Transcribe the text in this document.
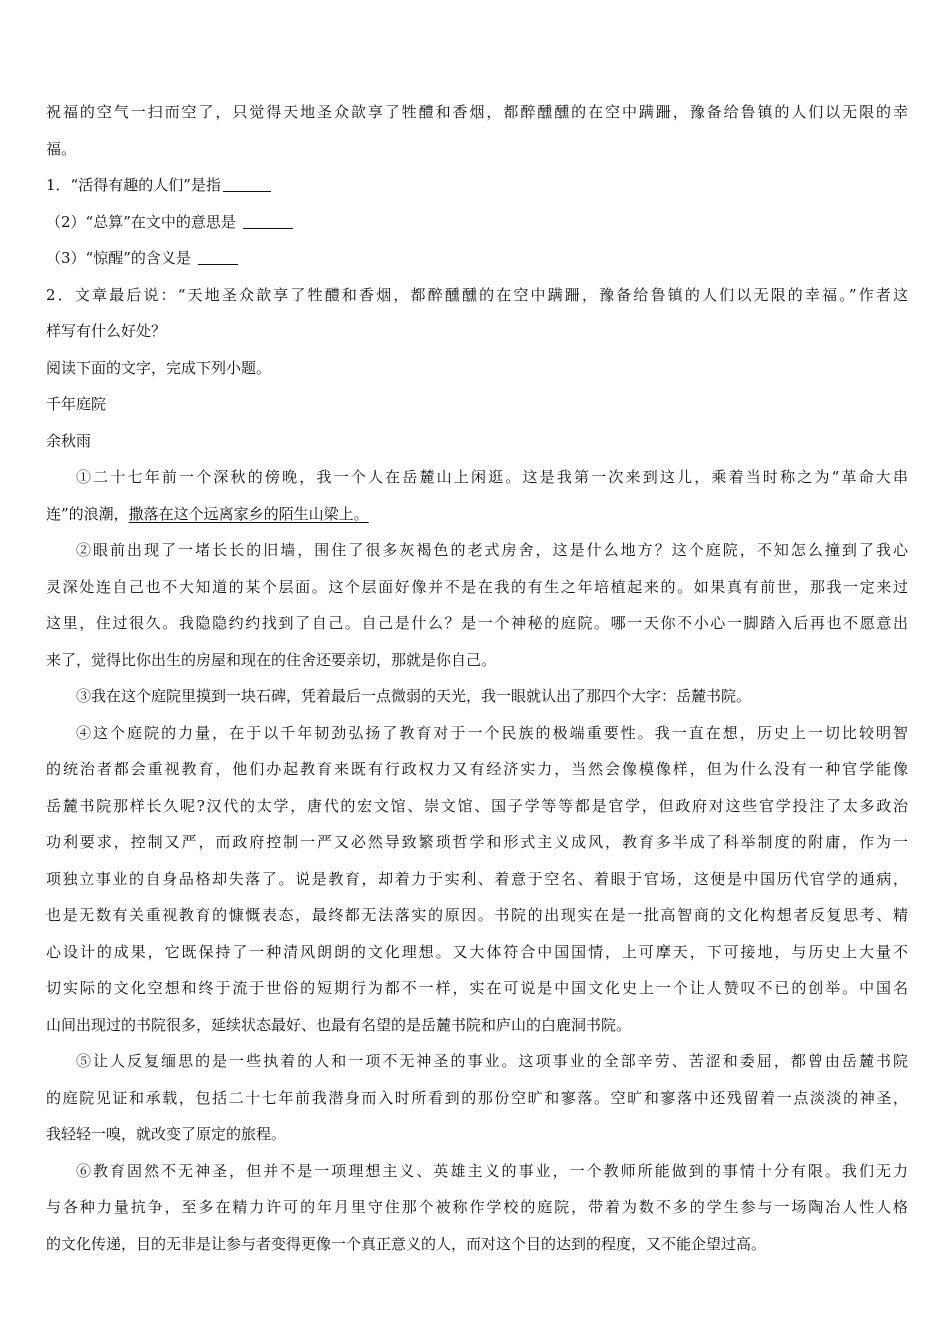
祝福的空气一扫而空了，只觉得天地圣众歆享了牲醴和香烟，都醉醺醺的在空中蹒跚，豫备给鲁镇的人们以无限的幸
福。
1．“活得有趣的人们”是指
（2）“总算”在文中的意思是
（3）“惊醒”的含义是
2．文章最后说：“天地圣众歆享了牲醴和香烟，都醉醺醺的在空中蹒跚，豫备给鲁镇的人们以无限的幸福。”作者这
样写有什么好处？
阅读下面的文字，完成下列小题。
千年庭院
余秋雨
①二十七年前一个深秋的傍晚，我一个人在岳麓山上闲逛。这是我第一次来到这儿，乘着当时称之为“革命大串
连”的浪潮，撒落在这个远离家乡的陌生山梁上。
②眼前出现了一堵长长的旧墙，围住了很多灰褐色的老式房舍，这是什么地方？这个庭院，不知怎么撞到了我心
灵深处连自己也不大知道的某个层面。这个层面好像并不是在我的有生之年培植起来的。如果真有前世，那我一定来过
这里，住过很久。我隐隐约约找到了自己。自己是什么？是一个神秘的庭院。哪一天你不小心一脚踏入后再也不愿意出
来了，觉得比你出生的房屋和现在的住舍还要亲切，那就是你自己。
③我在这个庭院里摸到一块石碑，凭着最后一点微弱的天光，我一眼就认出了那四个大字：岳麓书院。
④这个庭院的力量，在于以千年韧劲弘扬了教育对于一个民族的极端重要性。我一直在想，历史上一切比较明智
的统治者都会重视教育，他们办起教育来既有行政权力又有经济实力，当然会像模像样，但为什么没有一种官学能像
岳麓书院那样长久呢?汉代的太学，唐代的宏文馆、崇文馆、国子学等等都是官学，但政府对这些官学投注了太多政治
功利要求，控制又严，而政府控制一严又必然导致繁琐哲学和形式主义成风，教育多半成了科举制度的附庸，作为一
项独立事业的自身品格却失落了。说是教育，却着力于实利、着意于空名、着眼于官场，这便是中国历代官学的通病，
也是无数有关重视教育的慷慨表态，最终都无法落实的原因。书院的出现实在是一批高智商的文化构想者反复思考、精
心设计的成果，它既保持了一种清风朗朗的文化理想。又大体符合中国国情，上可摩天，下可接地，与历史上大量不
切实际的文化空想和终于流于世俗的短期行为都不一样，实在可说是中国文化史上一个让人赞叹不已的创举。中国名
山间出现过的书院很多，延续状态最好、也最有名望的是岳麓书院和庐山的白鹿洞书院。
⑤让人反复缅思的是一些执着的人和一项不无神圣的事业。这项事业的全部辛劳、苦涩和委屈，都曾由岳麓书院
的庭院见证和承载，包括二十七年前我潜身而入时所看到的那份空旷和寥落。空旷和寥落中还残留着一点淡淡的神圣，
我轻轻一嗅，就改变了原定的旅程。
⑥教育固然不无神圣，但并不是一项理想主义、英雄主义的事业，一个教师所能做到的事情十分有限。我们无力
与各种力量抗争，至多在精力许可的年月里守住那个被称作学校的庭院，带着为数不多的学生参与一场陶冶人性人格
的文化传递，目的无非是让参与者变得更像一个真正意义的人，而对这个目的达到的程度，又不能企望过高。
